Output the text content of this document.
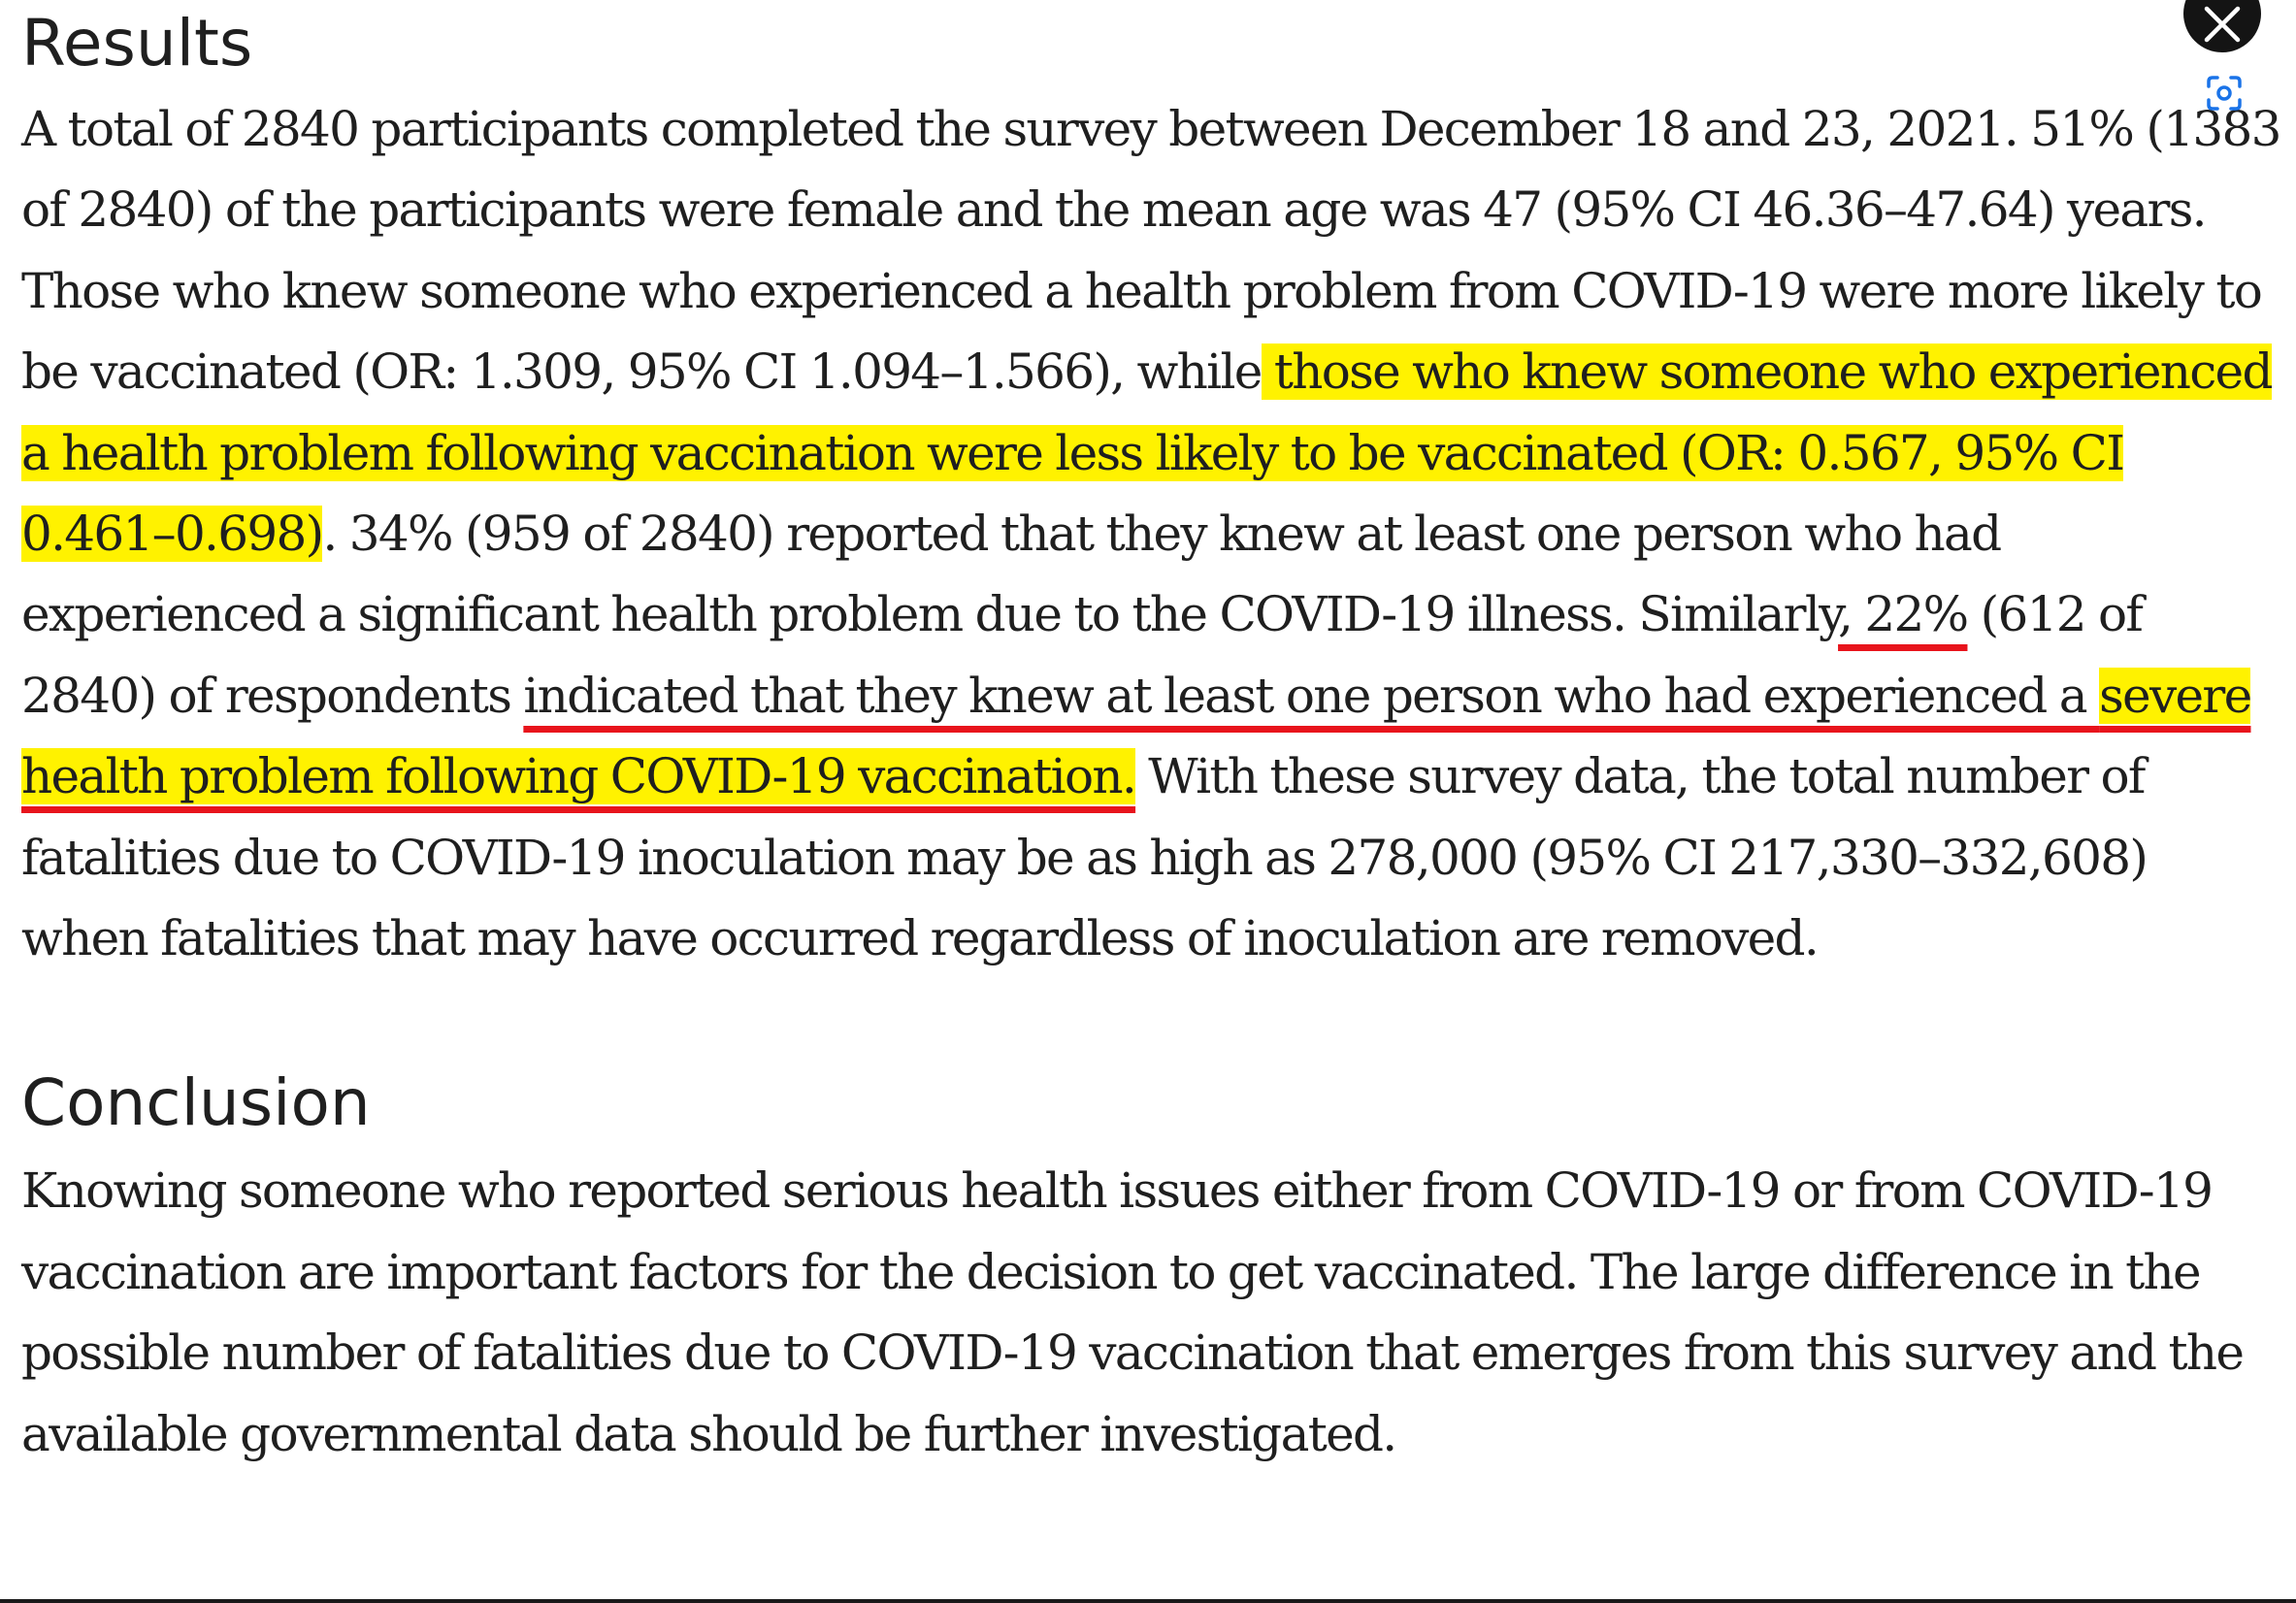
Results

A total of 2840 participants completed the survey between December 18 and 23, 2021. 51% (1383 of 2840) of the participants were female and the mean age was 47 (95% CI 46.36–47.64) years. Those who knew someone who experienced a health problem from COVID-19 were more likely to be vaccinated (OR: 1.309, 95% CI 1.094–1.566), while those who knew someone who experienced a health problem following vaccination were less likely to be vaccinated (OR: 0.567, 95% CI 0.461–0.698). 34% (959 of 2840) reported that they knew at least one person who had experienced a significant health problem due to the COVID-19 illness. Similarly, 22% (612 of 2840) of respondents indicated that they knew at least one person who had experienced a severe health problem following COVID-19 vaccination. With these survey data, the total number of fatalities due to COVID-19 inoculation may be as high as 278,000 (95% CI 217,330–332,608) when fatalities that may have occurred regardless of inoculation are removed.

Conclusion

Knowing someone who reported serious health issues either from COVID-19 or from COVID-19 vaccination are important factors for the decision to get vaccinated. The large difference in the possible number of fatalities due to COVID-19 vaccination that emerges from this survey and the available governmental data should be further investigated.
